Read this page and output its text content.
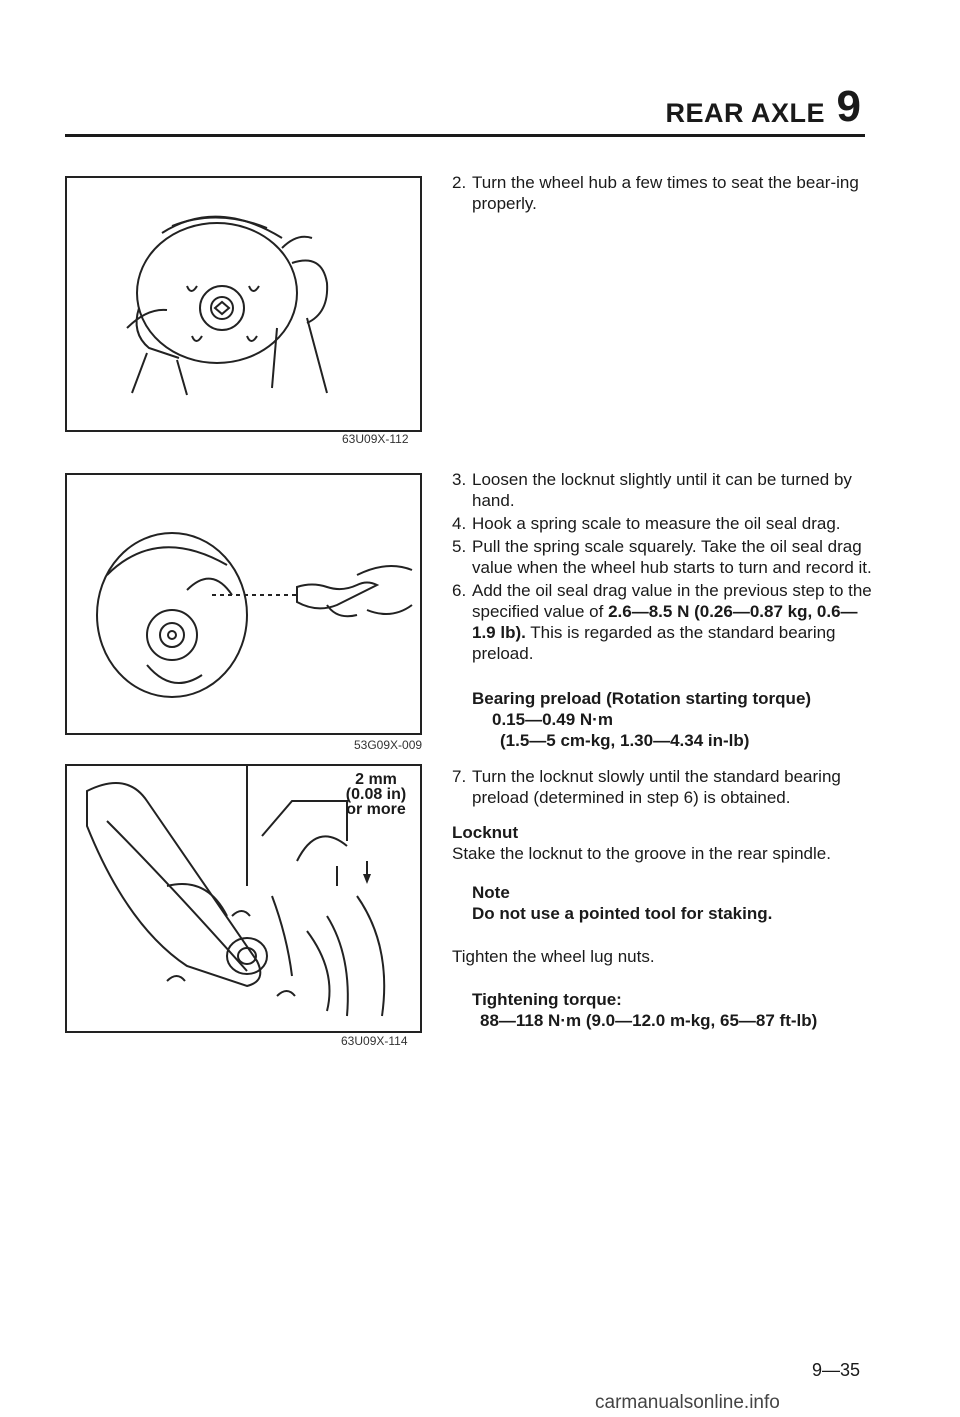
REAR AXLE 9
63U09X-112
53G09X-009
2 mm
(0.08 in)
or more
63U09X-114
2. Turn the wheel hub a few times to seat the bear-ing properly.
3. Loosen the locknut slightly until it can be turned by hand.
4. Hook a spring scale to measure the oil seal drag.
5. Pull the spring scale squarely. Take the oil seal drag value when the wheel hub starts to turn and record it.
6. Add the oil seal drag value in the previous step to the specified value of 2.6—8.5 N (0.26—0.87 kg, 0.6—1.9 lb). This is regarded as the standard bearing preload.
Bearing preload (Rotation starting torque)
0.15—0.49 N·m
(1.5—5 cm-kg, 1.30—4.34 in-lb)
7. Turn the locknut slowly until the standard bearing preload (determined in step 6) is obtained.
Locknut
Stake the locknut to the groove in the rear spindle.
Note
Do not use a pointed tool for staking.
Tighten the wheel lug nuts.
Tightening torque:
88—118 N·m (9.0—12.0 m-kg, 65—87 ft-lb)
9—35
carmanualsonline.info
